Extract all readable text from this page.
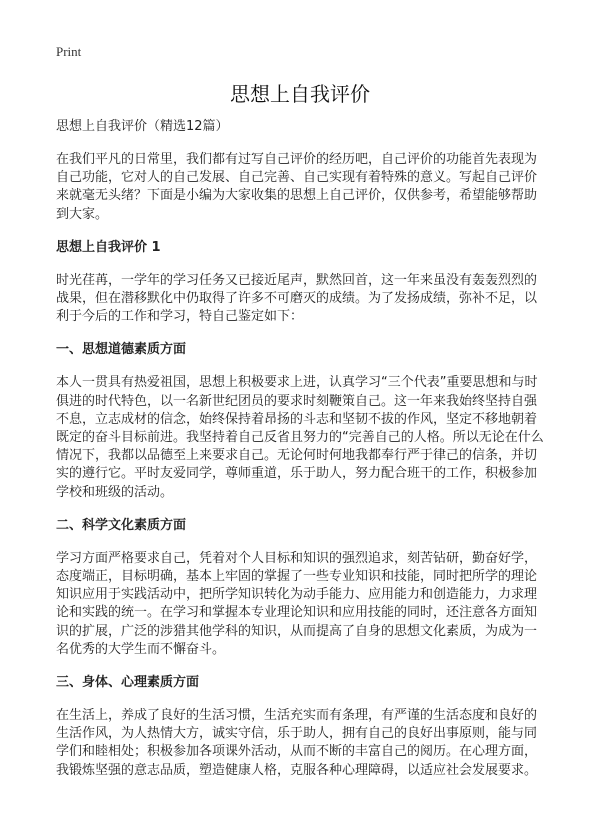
Print
思想上自我评价
思想上自我评价（精选12篇）

在我们平凡的日常里，我们都有过写自己评价的经历吧，自己评价的功能首先表现为自己功能，它对人的自己发展、自己完善、自己实现有着特殊的意义。写起自己评价来就毫无头绪？下面是小编为大家收集的思想上自己评价，仅供参考，希望能够帮助到大家。

思想上自我评价 1

时光荏苒，一学年的学习任务又已接近尾声，默然回首，这一年来虽没有轰轰烈烈的战果，但在潜移默化中仍取得了许多不可磨灭的成绩。为了发扬成绩，弥补不足，以利于今后的工作和学习，特自己鉴定如下：

一、思想道德素质方面

本人一贯具有热爱祖国，思想上积极要求上进，认真学习“三个代表”重要思想和与时俱进的时代特色，以一名新世纪团员的要求时刻鞭策自己。这一年来我始终坚持自强不息，立志成材的信念，始终保持着昂扬的斗志和坚韧不拔的作风，坚定不移地朝着既定的奋斗目标前进。我坚持着自己反省且努力的“完善自己的人格。所以无论在什么情况下，我都以品德至上来要求自己。无论何时何地我都奉行严于律己的信条，并切实的遵行它。平时友爱同学，尊师重道，乐于助人，努力配合班干的工作，积极参加学校和班级的活动。

二、科学文化素质方面

学习方面严格要求自己，凭着对个人目标和知识的强烈追求，刻苦钻研，勤奋好学，态度端正，目标明确，基本上牢固的掌握了一些专业知识和技能，同时把所学的理论知识应用于实践活动中，把所学知识转化为动手能力、应用能力和创造能力，力求理论和实践的统一。在学习和掌握本专业理论知识和应用技能的同时，还注意各方面知识的扩展，广泛的涉猎其他学科的知识，从而提高了自身的思想文化素质，为成为一名优秀的大学生而不懈奋斗。

三、身体、心理素质方面

在生活上，养成了良好的生活习惯，生活充实而有条理，有严谨的生活态度和良好的生活作风，为人热情大方，诚实守信，乐于助人，拥有自己的良好出事原则，能与同学们和睦相处；积极参加各项课外活动，从而不断的丰富自己的阅历。在心理方面，我锻炼坚强的意志品质，塑造健康人格，克服各种心理障碍，以适应社会发展要求。
